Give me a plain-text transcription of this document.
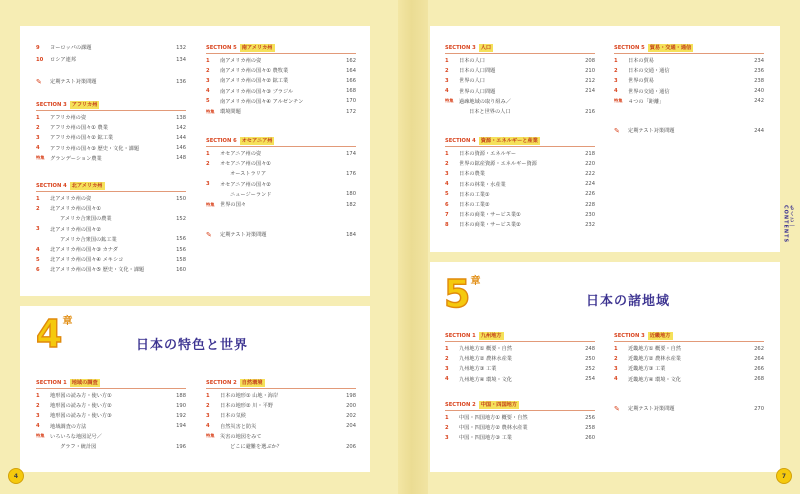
9	ヨーロッパの課題	132
10	ロシア連邦	134
✎	定期テスト対策問題	136
SECTION 3 アフリカ州
1	アフリカ州の姿	138
2	アフリカ州の国々① 農業	142
3	アフリカ州の国々② 鉱工業	144
4	アフリカ州の国々③ 歴史・文化・課題	146
特集	グランデーション農業	148
SECTION 4 北アメリカ州
1	北アメリカ州の姿	150
2	北アメリカ州の国々①
アメリカ合衆国の農業	152
3	北アメリカ州の国々②
アメリカ合衆国の鉱工業	156
4	北アメリカ州の国々③ カナダ	156
5	北アメリカ州の国々④ メキシコ	158
6	北アメリカ州の国々⑤ 歴史・文化・課題	160
SECTION 5 南アメリカ州
1	南アメリカ州の姿	162
2	南アメリカ州の国々① 農牧業	164
3	南アメリカ州の国々② 鉱工業	166
4	南アメリカ州の国々③ ブラジル	168
5	南アメリカ州の国々④ アルゼンチン	170
特集	環境問題	172
SECTION 6 オセアニア州
1	オセアニア州の姿	174
2	オセアニア州の国々①
オーストラリア	176
3	オセアニア州の国々②
ニュージーランド	180
特集	世界の国々	182
✎	定期テスト対策問題	184
SECTION 1 地域の調査
1	地形図の読み方・使い方①	188
2	地形図の読み方・使い方②	190
3	地形図の読み方・使い方③	192
4	地域調査の方法	194
特集	いろいろな地図記号／
グラフ・統計図	196
SECTION 2 自然環境
1	日本の地形① 山地・海岸	198
2	日本の地形② 川・平野	200
3	日本の気候	202
4	自然災害と防災	204
特集	災害の地図をみて
どこに避難を選ぶか？	206
SECTION 3 人口
1	日本の人口	208
2	日本の人口問題	210
3	世界の人口	212
4	世界の人口問題	214
特集	過疎地域の取り組み／
日本と世界の人口	216
SECTION 4 資源・エネルギーと産業
1	日本の資源・エネルギー	218
2	世界の鉱産資源・エネルギー資源	220
3	日本の農業	222
4	日本の林業・水産業	224
5	日本の工業①	226
6	日本の工業②	228
7	日本の商業・サービス業①	230
8	日本の商業・サービス業②	232
SECTION 5 貿易・交通・通信
1	日本の貿易	234
2	日本の交通・通信	236
3	世界の貿易	238
4	世界の交通・通信	240
特集	４つの「距離」	242
✎	定期テスト対策問題	244
SECTION 1 九州地方
1	九州地方① 概要・自然	248
2	九州地方② 農林水産業	250
3	九州地方③ 工業	252
4	九州地方④ 環境・文化	254
SECTION 2 中国・四国地方
1	中国・四国地方① 概要・自然	256
2	中国・四国地方② 農林水産業	258
3	中国・四国地方③ 工業	260
SECTION 3 近畿地方
1	近畿地方① 概要・自然	262
2	近畿地方② 農林水産業	264
3	近畿地方③ 工業	266
4	近畿地方④ 環境・文化	268
✎	定期テスト対策問題	270
$4^章$
日本の特色と世界
$5^章$
日本の諸地域
もくじ｜CONTENTS
4	7
